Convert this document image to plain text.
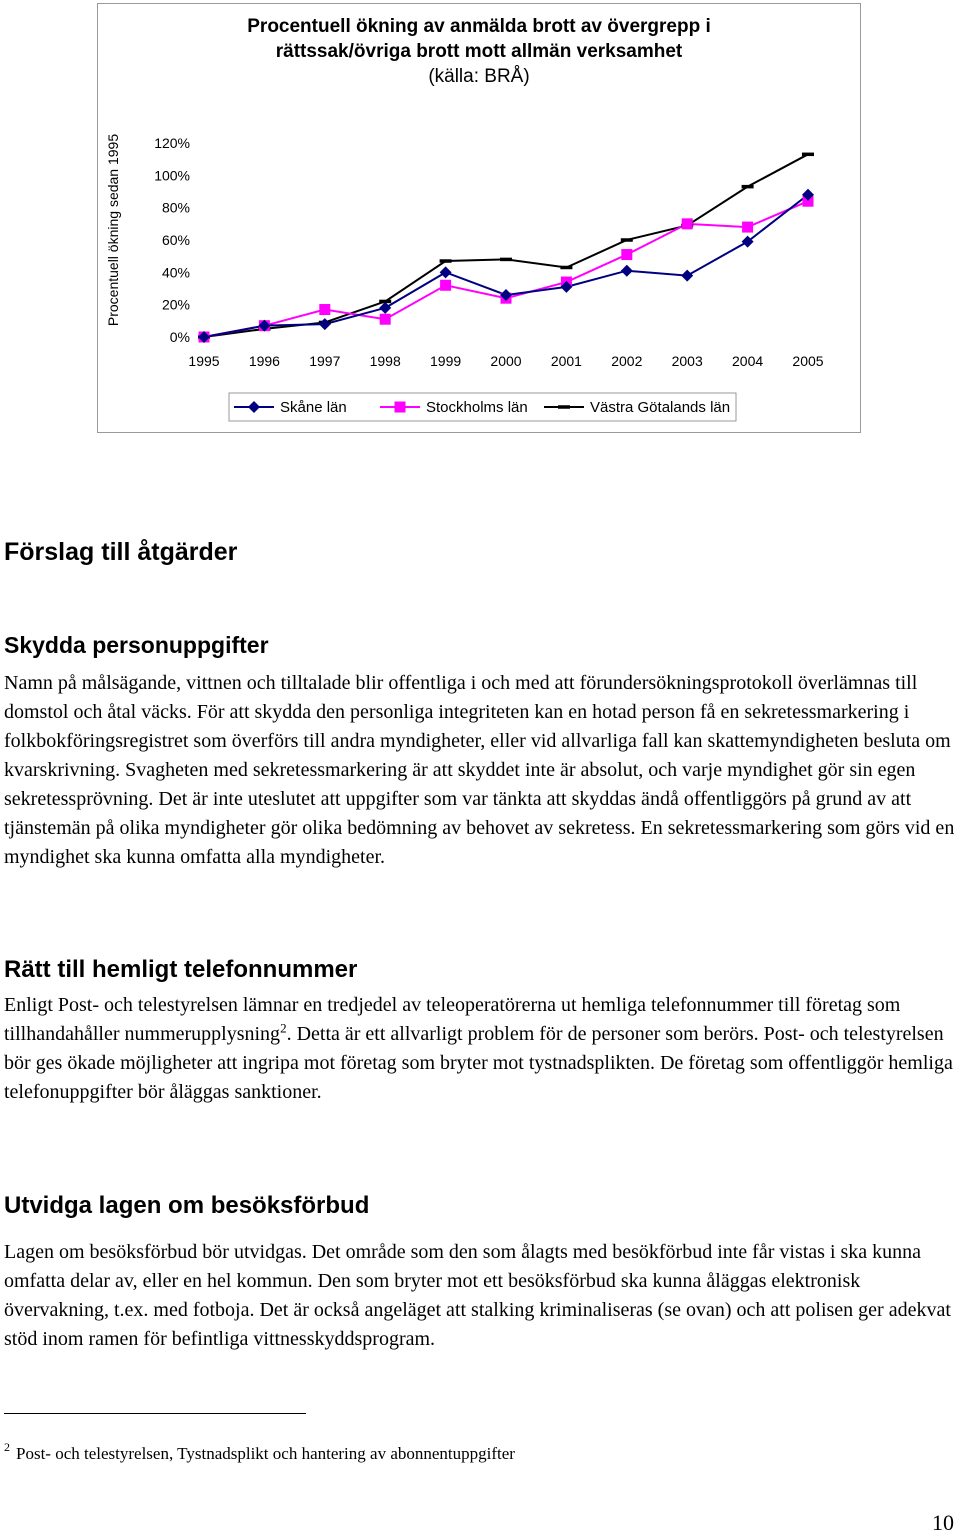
Procentuell ökning av anmälda brott av övergrepp i
rättssak/övriga brott mott allmän verksamhet
(källa: BRÅ)
0%
20%
40%
60%
80%
100%
120%
1995 1996 1997 1998 1999 2000 2001 2002 2003 2004 2005
Procentuell ökning sedan 1995
Skåne län	Stockholms län	Västra Götalands län
Förslag till åtgärder
Skydda personuppgifter

Namn på målsägande, vittnen och tilltalade blir offentliga i och med att förundersökningsprotokoll överlämnas till domstol och åtal väcks. För att skydda den personliga integriteten kan en hotad person få en sekretessmarkering i folkbokföringsregistret som överförs till andra myndigheter, eller vid allvarliga fall kan skattemyndigheten besluta om kvarskrivning. Svagheten med sekretessmarkering är att skyddet inte är absolut, och varje myndighet gör sin egen sekretessprövning. Det är inte uteslutet att uppgifter som var tänkta att skyddas ändå offentliggörs på grund av att tjänstemän på olika myndigheter gör olika bedömning av behovet av sekretess. En sekretessmarkering som görs vid en myndighet ska kunna omfatta alla myndigheter.

Rätt till hemligt telefonnummer

Enligt Post- och telestyrelsen lämnar en tredjedel av teleoperatörerna ut hemliga telefonnummer till företag som tillhandahåller nummerupplysning$^2$. Detta är ett allvarligt problem för de personer som berörs. Post- och telestyrelsen bör ges ökade möjligheter att ingripa mot företag som bryter mot tystnadsplikten. De företag som offentliggör hemliga telefonuppgifter bör åläggas sanktioner.

Utvidga lagen om besöksförbud

Lagen om besöksförbud bör utvidgas. Det område som den som ålagts med besökförbud inte får vistas i ska kunna omfatta delar av, eller en hel kommun. Den som bryter mot ett besöksförbud ska kunna åläggas elektronisk övervakning, t.ex. med fotboja. Det är också angeläget att stalking kriminaliseras (se ovan) och att polisen ger adekvat stöd inom ramen för befintliga vittnesskyddsprogram.

$^2$ Post- och telestyrelsen, Tystnadsplikt och hantering av abonnentuppgifter

10
